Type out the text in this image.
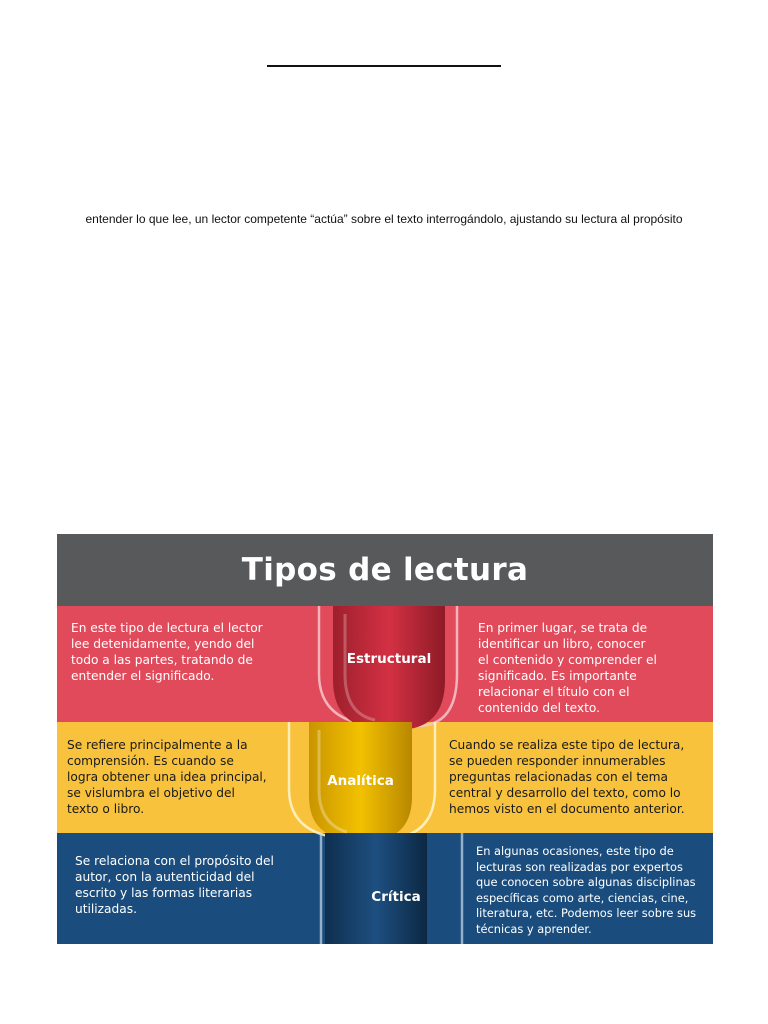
entender lo que lee, un lector competente “actúa” sobre el texto interrogándolo, ajustando su lectura al propósito
Tipos de lectura
En este tipo de lectura el lector
lee detenidamente, yendo del
todo a las partes, tratando de
entender el significado.
Estructural
En primer lugar, se trata de
identificar un libro, conocer
el contenido y comprender el
significado. Es importante
relacionar el título con el
contenido del texto.
Se refiere principalmente a la
comprensión. Es cuando se
logra obtener una idea principal,
se vislumbra el objetivo del
texto o libro.
Analítica
Cuando se realiza este tipo de lectura,
se pueden responder innumerables
preguntas relacionadas con el tema
central y desarrollo del texto, como lo
hemos visto en el documento anterior.
Se relaciona con el propósito del
autor, con la autenticidad del
escrito y las formas literarias
utilizadas.
Crítica
En algunas ocasiones, este tipo de
lecturas son realizadas por expertos
que conocen sobre algunas disciplinas
específicas como arte, ciencias, cine,
literatura, etc. Podemos leer sobre sus
técnicas y aprender.
